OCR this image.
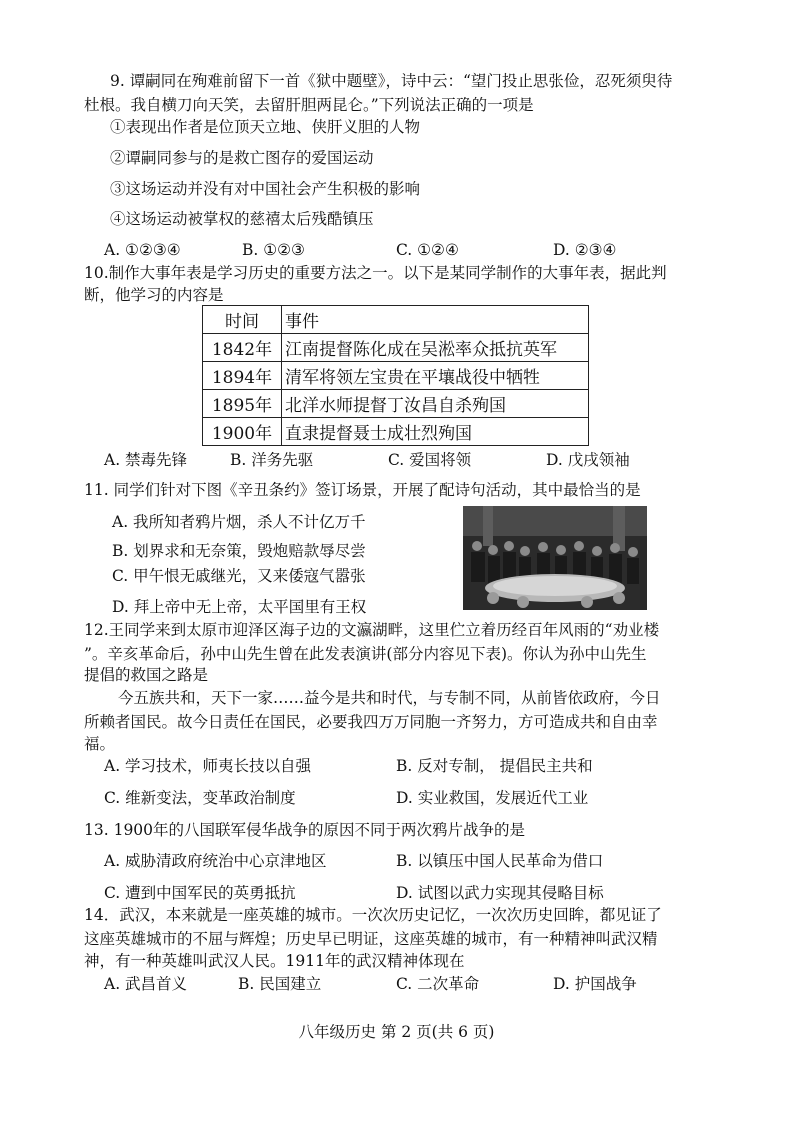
9. 谭嗣同在殉难前留下一首《狱中题壁》，诗中云：“望门投止思张俭，忍死须臾待
杜根。我自横刀向天笑，去留肝胆两昆仑。”下列说法正确的一项是
①表现出作者是位顶天立地、侠肝义胆的人物
②谭嗣同参与的是救亡图存的爱国运动
③这场运动并没有对中国社会产生积极的影响
④这场运动被掌权的慈禧太后残酷镇压
A. ①②③④	B. ①②③	C. ①②④	D. ②③④
10.制作大事年表是学习历史的重要方法之一。以下是某同学制作的大事年表，据此判
断，他学习的内容是
时间	事件
1842年	江南提督陈化成在吴淞率众抵抗英军
1894年	清军将领左宝贵在平壤战役中牺牲
1895年	北洋水师提督丁汝昌自杀殉国
1900年	直隶提督聂士成壮烈殉国
A. 禁毒先锋	B. 洋务先驱	C. 爱国将领	D. 戊戌领袖
11. 同学们针对下图《辛丑条约》签订场景，开展了配诗句活动，其中最恰当的是
A. 我所知者鸦片烟，杀人不计亿万千
B. 划界求和无奈策，毁炮赔款辱尽尝
C. 甲午恨无戚继光，又来倭寇气嚣张
D. 拜上帝中无上帝，太平国里有王权
12.王同学来到太原市迎泽区海子边的文瀛湖畔，这里伫立着历经百年风雨的“劝业楼
”。辛亥革命后，孙中山先生曾在此发表演讲(部分内容见下表)。你认为孙中山先生
提倡的救国之路是
今五族共和，天下一家……益今是共和时代，与专制不同，从前皆依政府，今日
所赖者国民。故今日责任在国民，必要我四万万同胞一齐努力，方可造成共和自由幸
福。
A. 学习技术，师夷长技以自强	B. 反对专制， 提倡民主共和
C. 维新变法，变革政治制度	D. 实业救国，发展近代工业
13. 1900年的八国联军侵华战争的原因不同于两次鸦片战争的是
A. 威胁清政府统治中心京津地区	B. 以镇压中国人民革命为借口
C. 遭到中国军民的英勇抵抗	D. 试图以武力实现其侵略目标
14．武汉，本来就是一座英雄的城市。一次次历史记忆，一次次历史回眸，都见证了
这座英雄城市的不屈与辉煌；历史早已明证，这座英雄的城市，有一种精神叫武汉精
神，有一种英雄叫武汉人民。1911年的武汉精神体现在
A. 武昌首义	B. 民国建立	C. 二次革命	D. 护国战争
八年级历史 第 2 页(共 6 页)
